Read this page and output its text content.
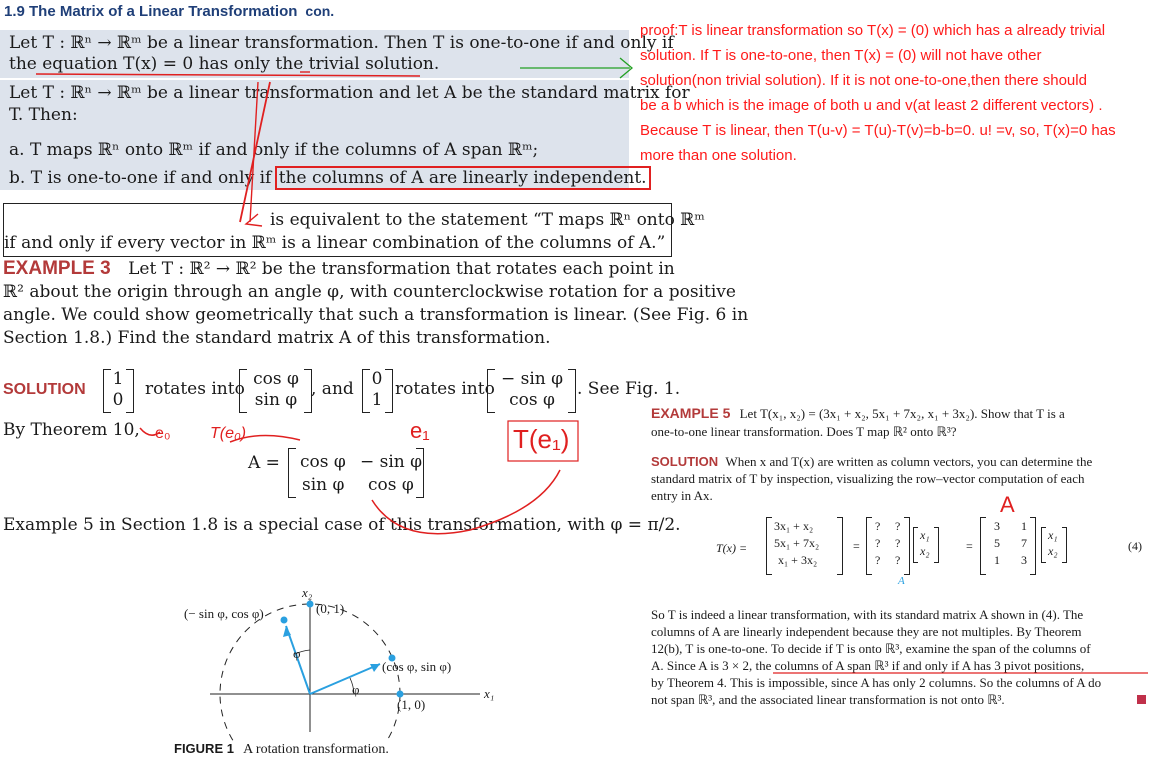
1.9 The Matrix of a Linear Transformation con.
Let T : ℝⁿ → ℝᵐ be a linear transformation. Then T is one-to-one if and only if
the equation T(x) = 0 has only the trivial solution.
Let T : ℝⁿ → ℝᵐ be a linear transformation and let A be the standard matrix for
T. Then:
a. T maps ℝⁿ onto ℝᵐ if and only if the columns of A span ℝᵐ;
b. T is one-to-one if and only if the columns of A are linearly independent.
proof:T is linear transformation so T(x) = (0) which has a already trivial
solution. If T is one-to-one, then T(x) = (0) will not have other
solution(non trivial solution). If it is not one-to-one,then there should
be a b which is the image of both u and v(at least 2 different vectors) .
Because T is linear, then T(u-v) = T(u)-T(v)=b-b=0. u! =v, so, T(x)=0 has
more than one solution.
is equivalent to the statement “T maps ℝⁿ onto ℝᵐ
if and only if every vector in ℝᵐ is a linear combination of the columns of A.”
EXAMPLE 3 Let T : ℝ² → ℝ² be the transformation that rotates each point in
ℝ² about the origin through an angle φ, with counterclockwise rotation for a positive
angle. We could show geometrically that such a transformation is linear. (See Fig. 6 in
Section 1.8.) Find the standard matrix A of this transformation.
SOLUTION
1
0
rotates into cos φ
sin φ
, and 0
1
rotates into − sin φ
cos φ
. See Fig. 1.
By Theorem 10,
A = cos φ − sin φ
sin φ cos φ
Example 5 in Section 1.8 is a special case of this transformation, with φ = π/2.
e₀ T(e₀)	e₁	T(e₁)
A
x₂
x₁
(0, 1)
(− sin φ, cos φ)
(cos φ, sin φ)
(1, 0)
φ
φ
FIGURE 1 A rotation transformation.
EXAMPLE 5 Let T(x₁, x₂) = (3x₁ + x₂, 5x₁ + 7x₂, x₁ + 3x₂). Show that T is a
one-to-one linear transformation. Does T map ℝ² onto ℝ³?
SOLUTION When x and T(x) are written as column vectors, you can determine the
standard matrix of T by inspection, visualizing the row–vector computation of each
entry in Ax.
T(x) =
3x₁ + x₂
5x₁ + 7x₂
x₁ + 3x₂
=
? ?
? ?
? ?
A
x₁
x₂	=
3 1
5 7
1 3
x₁
x₂	(4)
So T is indeed a linear transformation, with its standard matrix A shown in (4). The
columns of A are linearly independent because they are not multiples. By Theorem
12(b), T is one-to-one. To decide if T is onto ℝ³, examine the span of the columns of
A. Since A is 3 × 2, the columns of A span ℝ³ if and only if A has 3 pivot positions,
by Theorem 4. This is impossible, since A has only 2 columns. So the columns of A do
not span ℝ³, and the associated linear transformation is not onto ℝ³.
